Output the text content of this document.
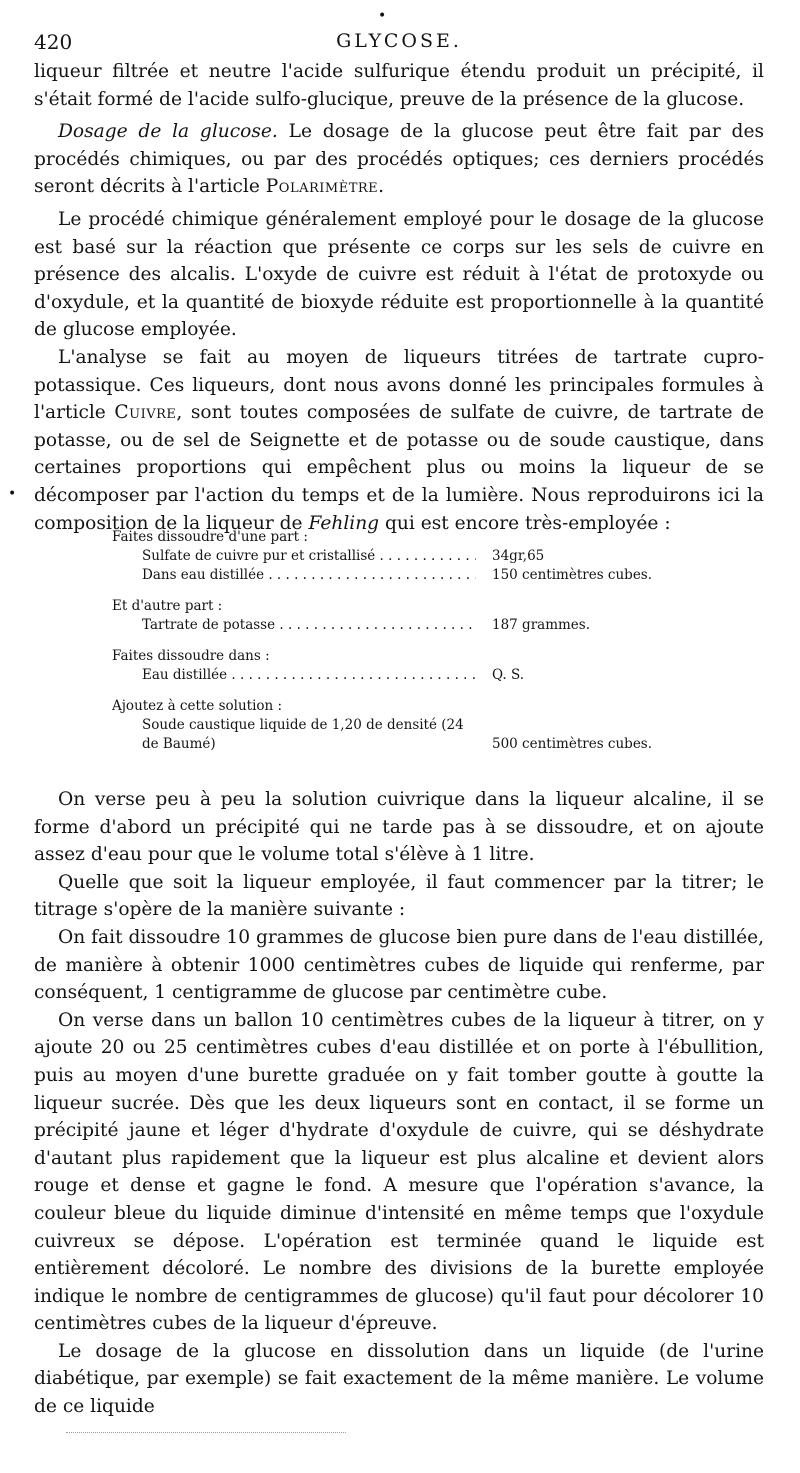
•
420	GLYCOSE.

liqueur filtrée et neutre l'acide sulfurique étendu produit un précipité, il s'était formé de l'acide sulfo-glucique, preuve de la présence de la glucose.

Dosage de la glucose. Le dosage de la glucose peut être fait par des procédés chimiques, ou par des procédés optiques; ces derniers procédés seront décrits à l'article Polarimètre.

Le procédé chimique généralement employé pour le dosage de la glucose est basé sur la réaction que présente ce corps sur les sels de cuivre en présence des alcalis. L'oxyde de cuivre est réduit à l'état de protoxyde ou d'oxydule, et la quantité de bioxyde réduite est proportionnelle à la quantité de glucose employée.

L'analyse se fait au moyen de liqueurs titrées de tartrate cupro-potassique. Ces liqueurs, dont nous avons donné les principales formules à l'article Cuivre, sont toutes composées de sulfate de cuivre, de tartrate de potasse, ou de sel de Seignette et de potasse ou de soude caustique, dans certaines proportions qui empêchent plus ou moins la liqueur de se décomposer par l'action du temps et de la lumière. Nous reproduirons ici la composition de la liqueur de Fehling qui est encore très-employée :

•

Faites dissoudre d'une part :

Sulfate de cuivre pur et cristallisé . . .	34gr,65
Dans eau distillée . . .	150 centimètres cubes.

Et d'autre part :

Tartrate de potasse . . .	187 grammes.

Faites dissoudre dans :

Eau distillée . . .	Q. S.

Ajoutez à cette solution :

Soude caustique liquide de 1,20 de densité (24 de Baumé)	500 centimètres cubes.

On verse peu à peu la solution cuivrique dans la liqueur alcaline, il se forme d'abord un précipité qui ne tarde pas à se dissoudre, et on ajoute assez d'eau pour que le volume total s'élève à 1 litre.

Quelle que soit la liqueur employée, il faut commencer par la titrer; le titrage s'opère de la manière suivante :

On fait dissoudre 10 grammes de glucose bien pure dans de l'eau distillée, de manière à obtenir 1000 centimètres cubes de liquide qui renferme, par conséquent, 1 centigramme de glucose par centimètre cube.

On verse dans un ballon 10 centimètres cubes de la liqueur à titrer, on y ajoute 20 ou 25 centimètres cubes d'eau distillée et on porte à l'ébullition, puis au moyen d'une burette graduée on y fait tomber goutte à goutte la liqueur sucrée. Dès que les deux liqueurs sont en contact, il se forme un précipité jaune et léger d'hydrate d'oxydule de cuivre, qui se déshydrate d'autant plus rapidement que la liqueur est plus alcaline et devient alors rouge et dense et gagne le fond. A mesure que l'opération s'avance, la couleur bleue du liquide diminue d'intensité en même temps que l'oxydule cuivreux se dépose. L'opération est terminée quand le liquide est entièrement décoloré. Le nombre des divisions de la burette employée indique le nombre de centigrammes de glucose) qu'il faut pour décolorer 10 centimètres cubes de la liqueur d'épreuve.

Le dosage de la glucose en dissolution dans un liquide (de l'urine diabétique, par exemple) se fait exactement de la même manière. Le volume de ce liquide
